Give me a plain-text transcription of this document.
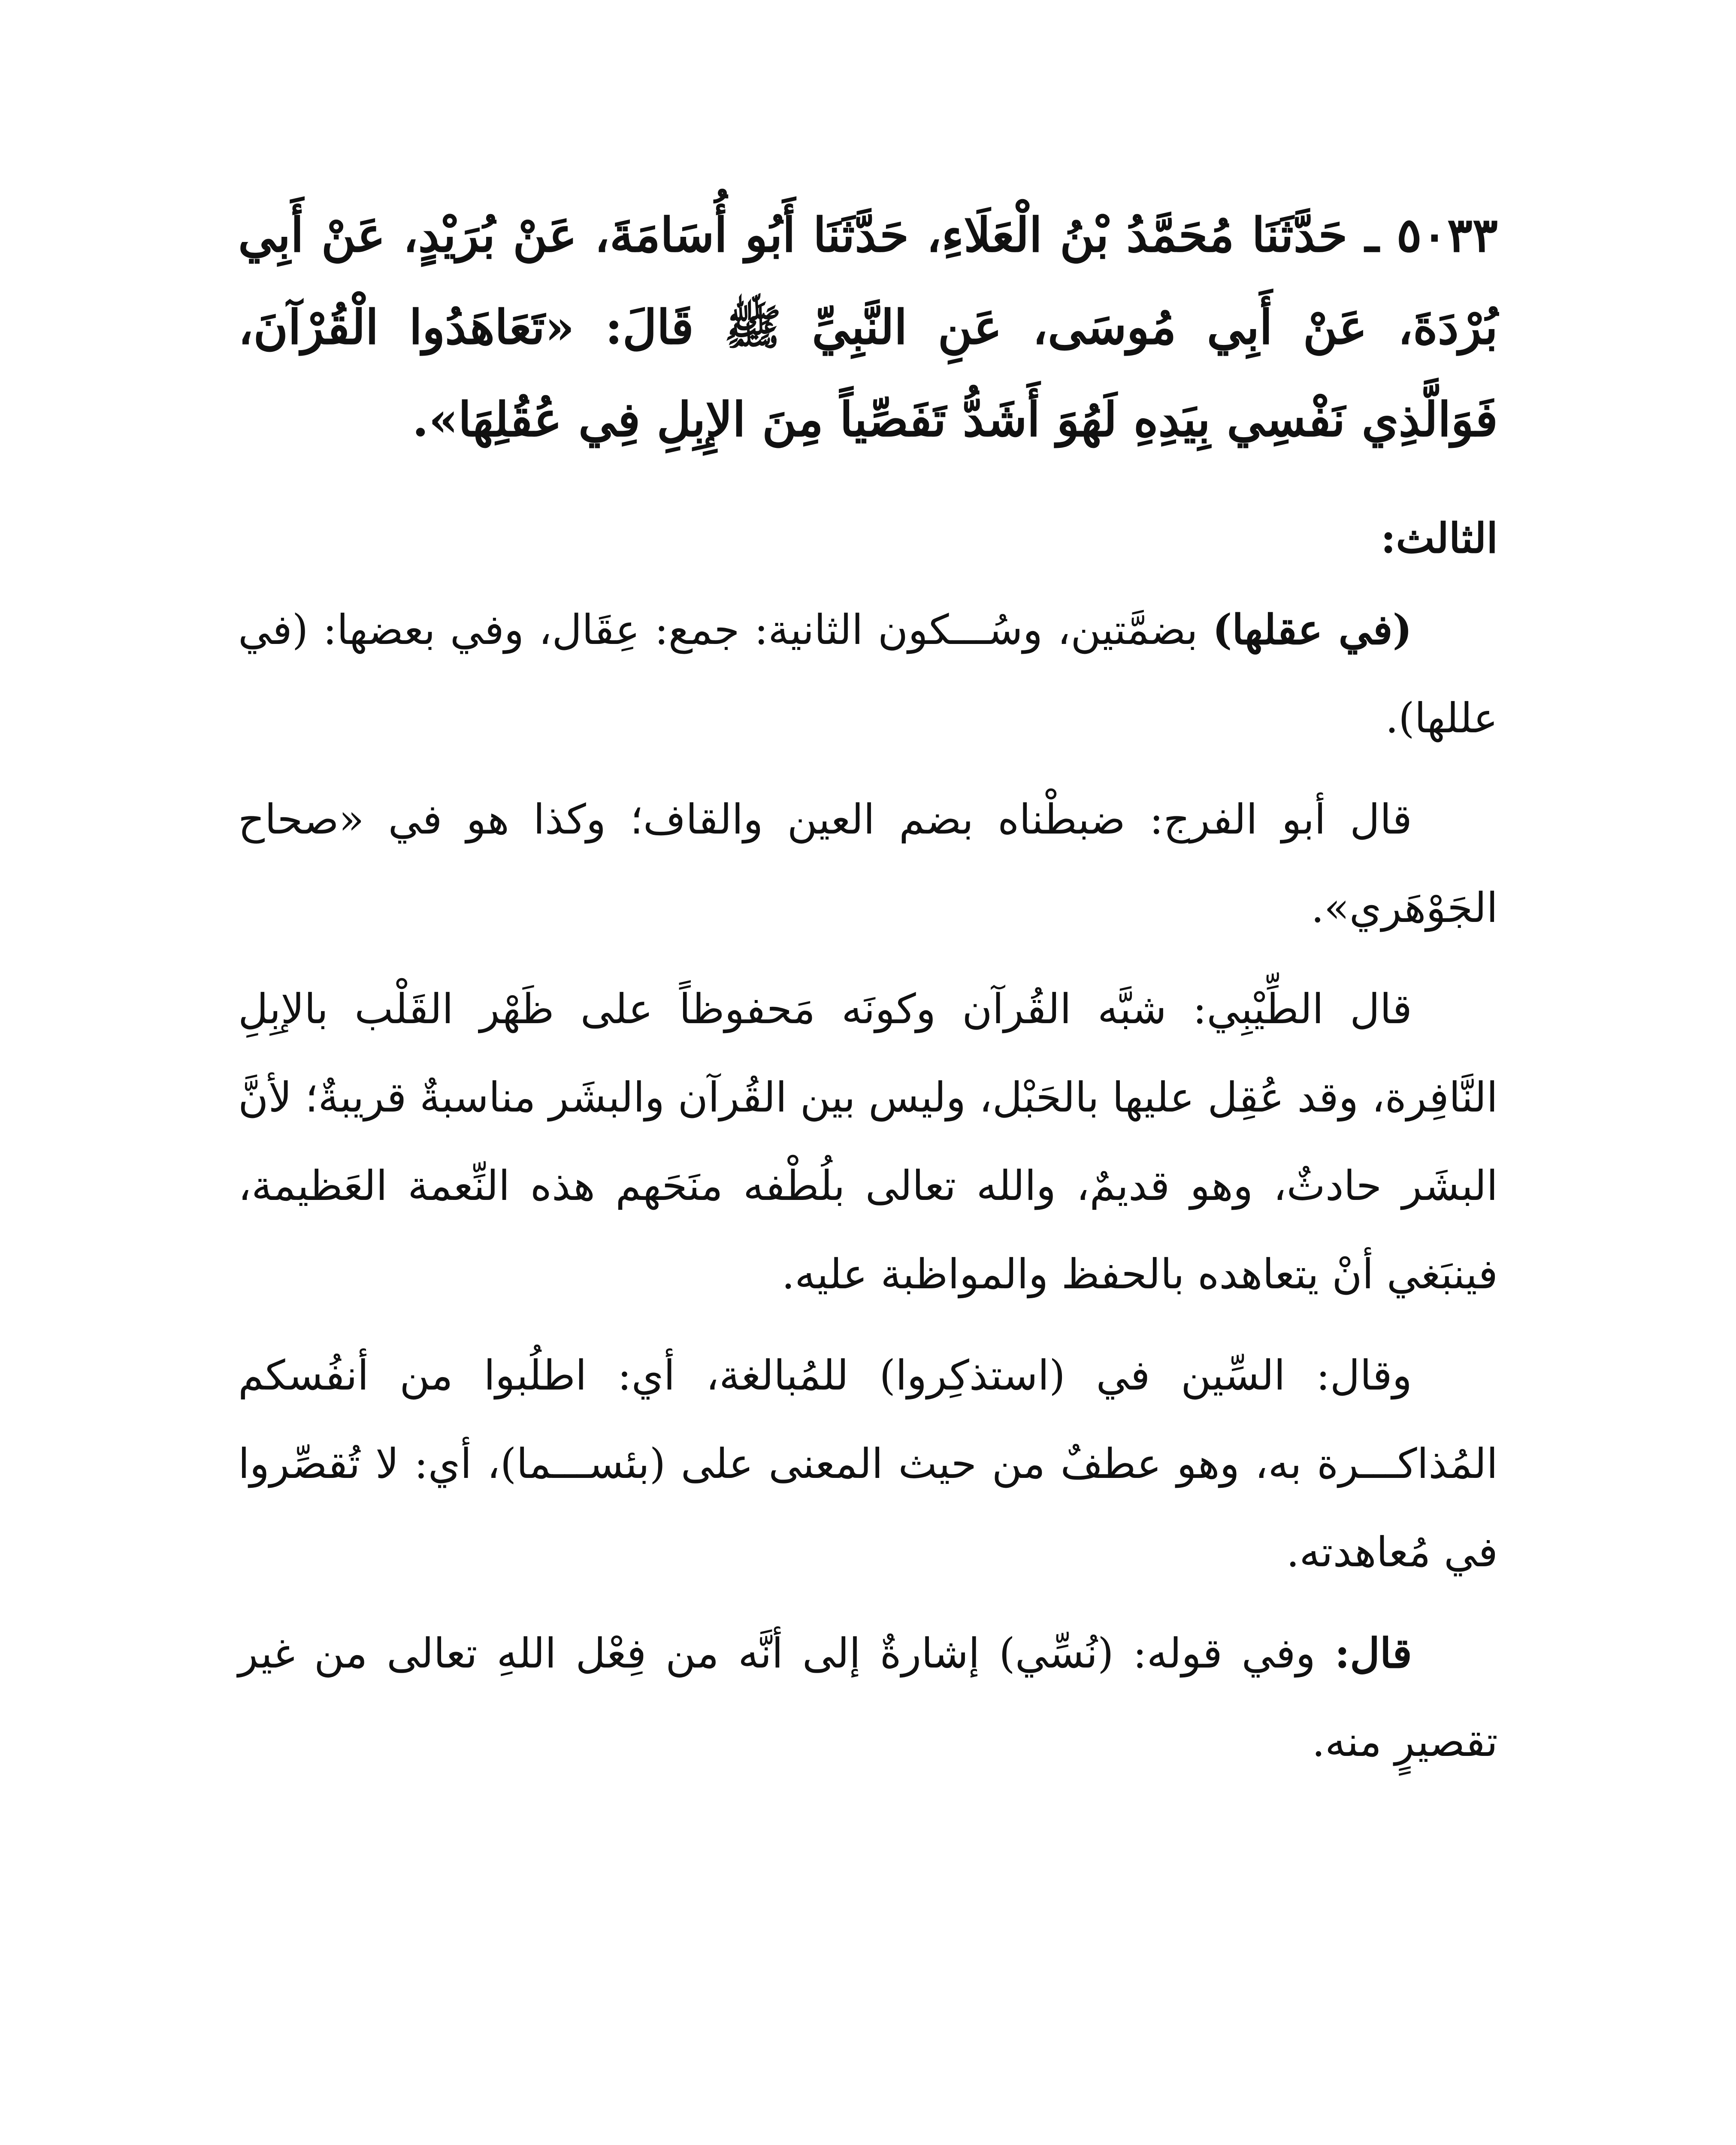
٥٠٣٣ ـ حَدَّثَنَا مُحَمَّدُ بْنُ الْعَلَاءِ، حَدَّثَنَا أَبُو أُسَامَةَ، عَنْ بُرَيْدٍ، عَنْ أَبِي بُرْدَةَ، عَنْ أَبِي مُوسَى، عَنِ النَّبِيِّ ﷺ قَالَ: «تَعَاهَدُوا الْقُرْآنَ، فَوَالَّذِي نَفْسِي بِيَدِهِ لَهُوَ أَشَدُّ تَفَصِّياً مِنَ الإِبِلِ فِي عُقُلِهَا».

الثالث:

(في عقلها) بضمَّتين، وسُـــكون الثانية: جمع: عِقَال، وفي بعضها: (في عللها).

قال أبو الفرج: ضبطْناه بضم العين والقاف؛ وكذا هو في «صحاح الجَوْهَري».

قال الطِّيْبِي: شبَّه القُرآن وكونَه مَحفوظاً على ظَهْر القَلْب بالإبِلِ النَّافِرة، وقد عُقِل عليها بالحَبْل، وليس بين القُرآن والبشَر مناسبةٌ قريبةٌ؛ لأنَّ البشَر حادثٌ، وهو قديمٌ، والله تعالى بلُطْفه منَحَهم هذه النِّعمة العَظيمة، فينبَغي أنْ يتعاهده بالحفظ والمواظبة عليه.

وقال: السِّين في (استذكِروا) للمُبالغة، أي: اطلُبوا من أنفُسكم المُذاكـــرة به، وهو عطفٌ من حيث المعنى على (بئســـما)، أي: لا تُقصِّروا في مُعاهدته.

قال: وفي قوله: (نُسِّي) إشارةٌ إلى أنَّه من فِعْل اللهِ تعالى من غير تقصيرٍ منه.
